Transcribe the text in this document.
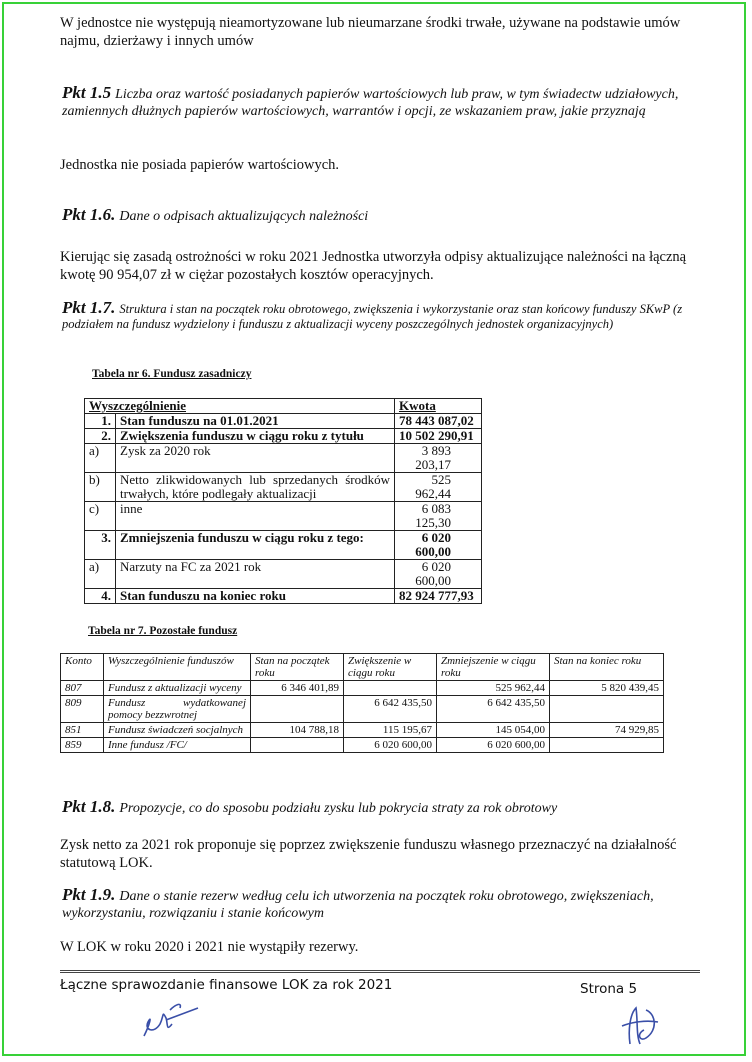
W jednostce nie występują nieamortyzowane lub nieumarzane środki trwałe, używane na podstawie umów najmu, dzierżawy i innych umów
Pkt 1.5 Liczba oraz wartość posiadanych papierów wartościowych lub praw, w tym świadectw udziałowych, zamiennych dłużnych papierów wartościowych, warrantów i opcji, ze wskazaniem praw, jakie przyznają
Jednostka nie posiada papierów wartościowych.
Pkt 1.6. Dane o odpisach aktualizujących należności
Kierując się zasadą ostrożności w roku 2021 Jednostka utworzyła odpisy aktualizujące należności na łączną kwotę 90 954,07 zł w ciężar pozostałych kosztów operacyjnych.
Pkt 1.7. Struktura i stan na początek roku obrotowego, zwiększenia i wykorzystanie oraz stan końcowy funduszy SKwP (z podziałem na fundusz wydzielony i funduszu z aktualizacji wyceny poszczególnych jednostek organizacyjnych)
Tabela nr 6. Fundusz zasadniczy
Wyszczególnienie		Kwota
1.	Stan funduszu na 01.01.2021	78 443 087,02
2.	Zwiększenia funduszu w ciągu roku z tytułu	10 502 290,91
a)	Zysk za 2020 rok	3 893 203,17
b)	Netto zlikwidowanych lub sprzedanych środków trwałych, które podlegały aktualizacji	525 962,44
c)	inne	6 083 125,30
3.	Zmniejszenia funduszu w ciągu roku z tego:	6 020 600,00
a)	Narzuty na FC za 2021 rok	6 020 600,00
4.	Stan funduszu na koniec roku	82 924 777,93
Tabela nr 7. Pozostałe fundusz
Konto	Wyszczególnienie funduszów	Stan na początek roku	Zwiększenie w ciągu roku	Zmniejszenie w ciągu roku	Stan na koniec roku
807	Fundusz z aktualizacji wyceny	6 346 401,89		525 962,44	5 820 439,45
809	Fundusz wydatkowanej pomocy bezzwrotnej		6 642 435,50	6 642 435,50	
851	Fundusz świadczeń socjalnych	104 788,18	115 195,67	145 054,00	74 929,85
859	Inne fundusz /FC/		6 020 600,00	6 020 600,00	
Pkt 1.8. Propozycje, co do sposobu podziału zysku lub pokrycia straty za rok obrotowy
Zysk netto za 2021 rok proponuje się poprzez zwiększenie funduszu własnego przeznaczyć na działalność statutową LOK.
Pkt 1.9. Dane o stanie rezerw według celu ich utworzenia na początek roku obrotowego, zwiększeniach, wykorzystaniu, rozwiązaniu i stanie końcowym
W LOK w roku 2020 i 2021 nie wystąpiły rezerwy.
Łączne sprawozdanie finansowe LOK za rok 2021	Strona 5
